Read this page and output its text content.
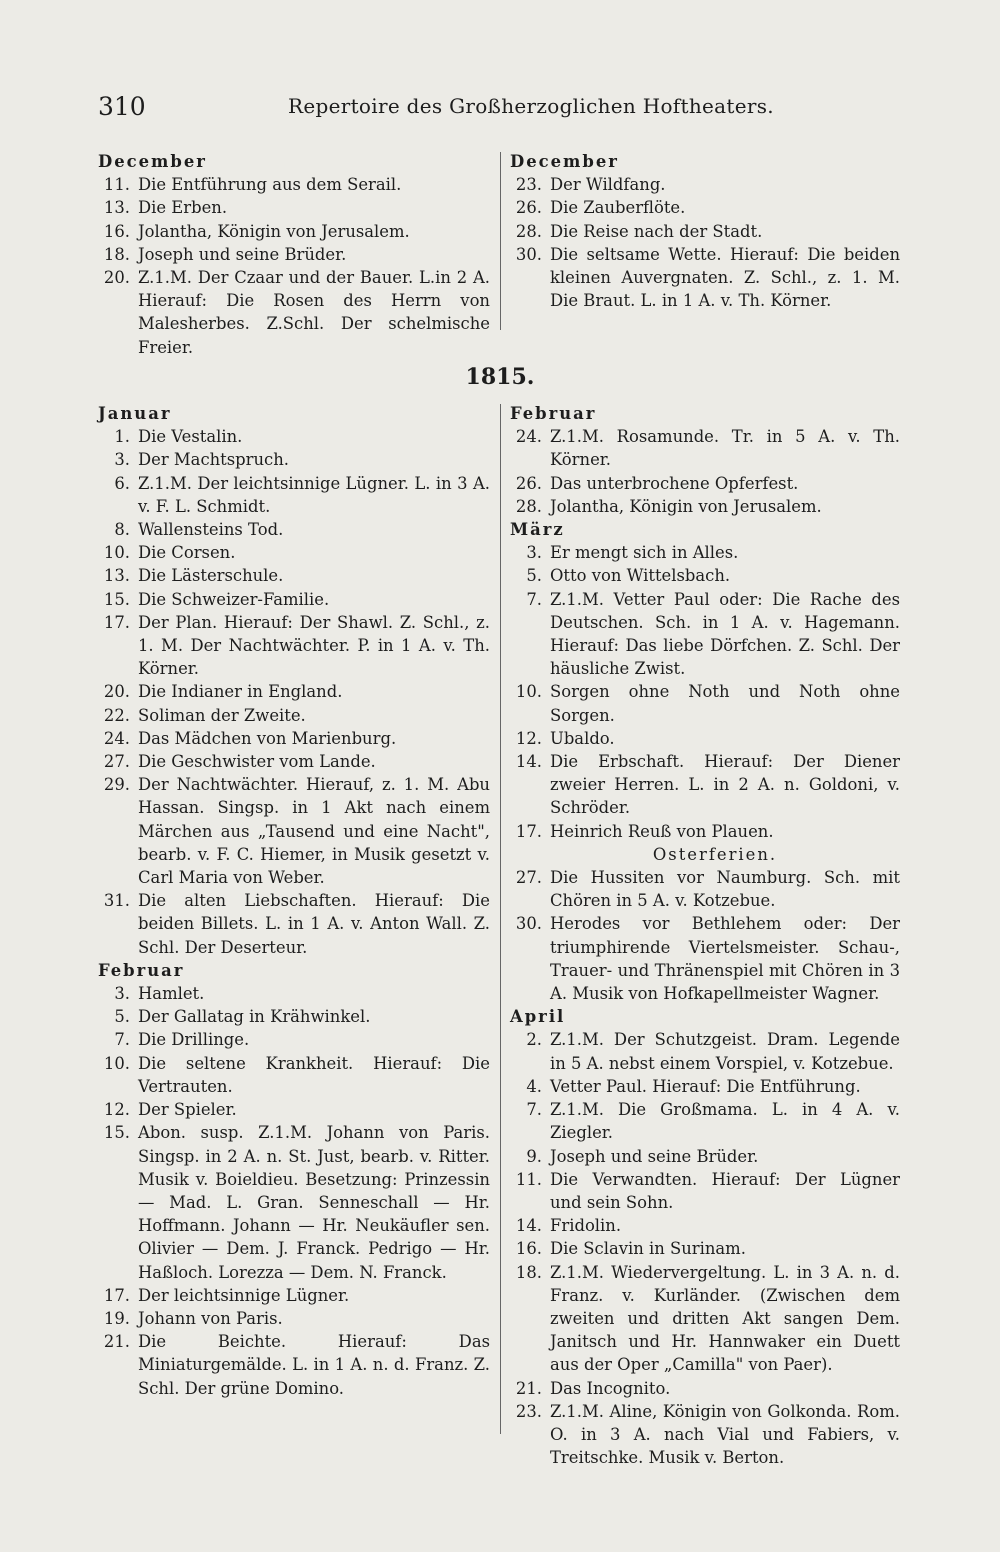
310	Repertoire des Großherzoglichen Hoftheaters.
December
11. Die Entführung aus dem Serail.
13. Die Erben.
16. Jolantha, Königin von Jerusalem.
18. Joseph und seine Brüder.
20. Z.1.M. Der Czaar und der Bauer. L.in 2 A. Hierauf: Die Rosen des Herrn von Malesherbes. Z.Schl. Der schelmische Freier.
December
23. Der Wildfang.
26. Die Zauberflöte.
28. Die Reise nach der Stadt.
30. Die seltsame Wette. Hierauf: Die beiden kleinen Auvergnaten. Z. Schl., z. 1. M. Die Braut. L. in 1 A. v. Th. Körner.
1815.
Januar
1. Die Vestalin.
3. Der Machtspruch.
6. Z.1.M. Der leichtsinnige Lügner. L. in 3 A. v. F. L. Schmidt.
8. Wallensteins Tod.
10. Die Corsen.
13. Die Lästerschule.
15. Die Schweizer-Familie.
17. Der Plan. Hierauf: Der Shawl. Z. Schl., z. 1. M. Der Nachtwächter. P. in 1 A. v. Th. Körner.
20. Die Indianer in England.
22. Soliman der Zweite.
24. Das Mädchen von Marienburg.
27. Die Geschwister vom Lande.
29. Der Nachtwächter. Hierauf, z. 1. M. Abu Hassan. Singsp. in 1 Akt nach einem Märchen aus „Tausend und eine Nacht", bearb. v. F. C. Hiemer, in Musik gesetzt v. Carl Maria von Weber.
31. Die alten Liebschaften. Hierauf: Die beiden Billets. L. in 1 A. v. Anton Wall. Z. Schl. Der Deserteur.
Februar
3. Hamlet.
5. Der Gallatag in Krähwinkel.
7. Die Drillinge.
10. Die seltene Krankheit. Hierauf: Die Vertrauten.
12. Der Spieler.
15. Abon. susp. Z.1.M. Johann von Paris. Singsp. in 2 A. n. St. Just, bearb. v. Ritter. Musik v. Boieldieu. Besetzung: Prinzessin — Mad. L. Gran. Senneschall — Hr. Hoffmann. Johann — Hr. Neukäufler sen. Olivier — Dem. J. Franck. Pedrigo — Hr. Haßloch. Lorezza — Dem. N. Franck.
17. Der leichtsinnige Lügner.
19. Johann von Paris.
21. Die Beichte. Hierauf: Das Miniaturgemälde. L. in 1 A. n. d. Franz. Z. Schl. Der grüne Domino.
Februar
24. Z.1.M. Rosamunde. Tr. in 5 A. v. Th. Körner.
26. Das unterbrochene Opferfest.
28. Jolantha, Königin von Jerusalem.
März
3. Er mengt sich in Alles.
5. Otto von Wittelsbach.
7. Z.1.M. Vetter Paul oder: Die Rache des Deutschen. Sch. in 1 A. v. Hagemann. Hierauf: Das liebe Dörfchen. Z. Schl. Der häusliche Zwist.
10. Sorgen ohne Noth und Noth ohne Sorgen.
12. Ubaldo.
14. Die Erbschaft. Hierauf: Der Diener zweier Herren. L. in 2 A. n. Goldoni, v. Schröder.
17. Heinrich Reuß von Plauen.
Osterferien.
27. Die Hussiten vor Naumburg. Sch. mit Chören in 5 A. v. Kotzebue.
30. Herodes vor Bethlehem oder: Der triumphirende Viertelsmeister. Schau-, Trauer- und Thränenspiel mit Chören in 3 A. Musik von Hofkapellmeister Wagner.
April
2. Z.1.M. Der Schutzgeist. Dram. Legende in 5 A. nebst einem Vorspiel, v. Kotzebue.
4. Vetter Paul. Hierauf: Die Entführung.
7. Z.1.M. Die Großmama. L. in 4 A. v. Ziegler.
9. Joseph und seine Brüder.
11. Die Verwandten. Hierauf: Der Lügner und sein Sohn.
14. Fridolin.
16. Die Sclavin in Surinam.
18. Z.1.M. Wiedervergeltung. L. in 3 A. n. d. Franz. v. Kurländer. (Zwischen dem zweiten und dritten Akt sangen Dem. Janitsch und Hr. Hannwaker ein Duett aus der Oper „Camilla" von Paer).
21. Das Incognito.
23. Z.1.M. Aline, Königin von Golkonda. Rom. O. in 3 A. nach Vial und Fabiers, v. Treitschke. Musik v. Berton.
